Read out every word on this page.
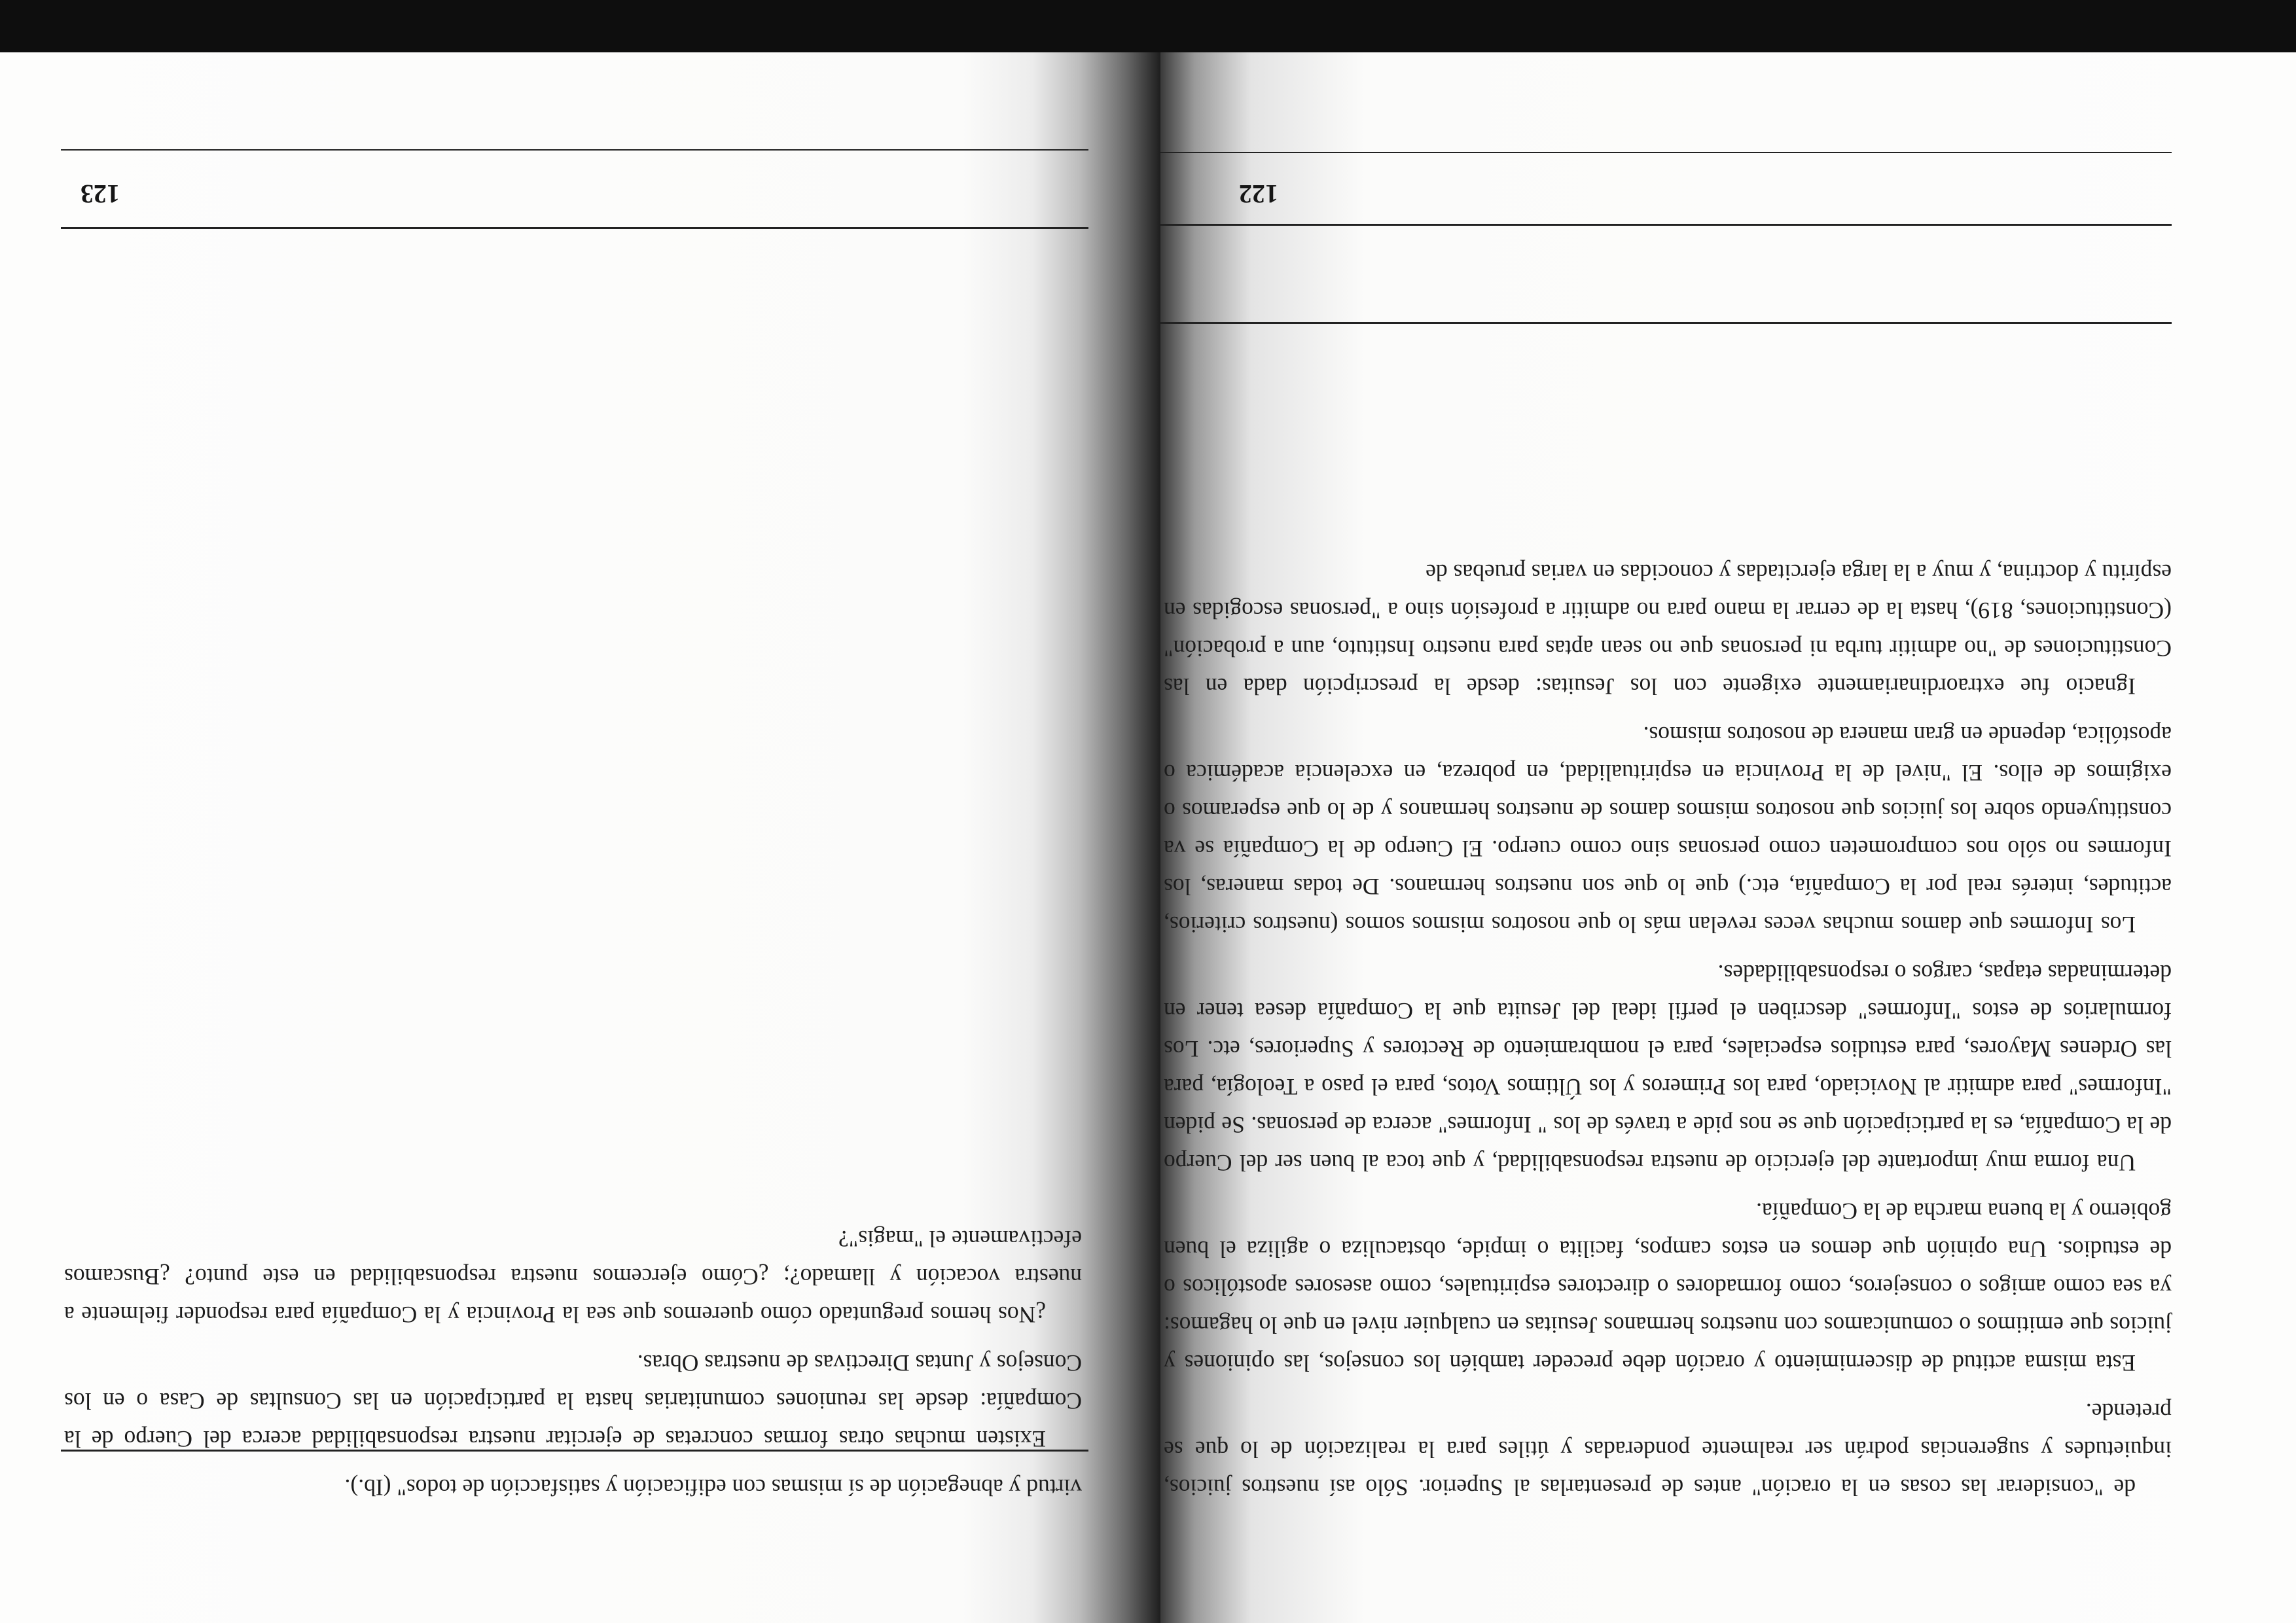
122

de "considerar las cosas en la oración" antes de presentarlas al Superior. Sólo así nuestros juicios, inquietudes y sugerencias podrán ser realmente ponderadas y útiles para la realización de lo que se pretende.

Esta misma actitud de discernimiento y oración debe preceder también los consejos, las opiniones y juicios que emitimos o comunicamos con nuestros hermanos Jesuitas en cualquier nivel en que lo hagamos: ya sea como amigos o consejeros, como formadores o directores espirituales, como asesores apostólicos o de estudios. Una opinión que demos en estos campos, facilita o impide, obstaculiza o agiliza el buen gobierno y la buena marcha de la Compañía.

Una forma muy importante del ejercicio de nuestra responsabilidad, y que toca al buen ser del Cuerpo de la Compañía, es la participación que se nos pide a través de los " Informes" acerca de personas. Se piden "Informes" para admitir al Noviciado, para los Primeros y los Últimos Votos, para el paso a Teología, para las Ordenes Mayores, para estudios especiales, para el nombramiento de Rectores y Superiores, etc. Los formularios de estos "Informes" describen el perfil ideal del Jesuita que la Compañía desea tener en determinadas etapas, cargos o responsabilidades.

Los Informes que damos muchas veces revelan más lo que nosotros mismos somos (nuestros criterios, actitudes, interés real por la Compañía, etc.) que lo que son nuestros hermanos. De todas maneras, los Informes no sólo nos comprometen como personas sino como cuerpo. El Cuerpo de la Compañía se va constituyendo sobre los juicios que nosotros mismos damos de nuestros hermanos y de lo que esperamos o exigimos de ellos. El "nivel de la Provincia en espiritualidad, en pobreza, en excelencia académica o apostólica, depende en gran manera de nosotros mismos.

Ignacio fue extraordinariamente exigente con los Jesuitas: desde la prescripción dada en las Constituciones de "no admitir turba ni personas que no sean aptas para nuestro Instituto, aun a probación" (Constituciones, 819), hasta la de cerrar la mano para no admitir a profesión sino a "personas escogidas en espíritu y doctrina, y muy a la larga ejercitadas y conocidas en varias pruebas de

123

virtud y abnegación de sí mismas con edificación y satisfacción de todos" (Ib.).

Existen muchas otras formas concretas de ejercitar nuestra responsabilidad acerca del Cuerpo de la Compañía: desde las reuniones comunitarias hasta la participación en las Consultas de Casa o en los Consejos y Juntas Directivas de nuestras Obras.

¿Nos hemos preguntado cómo queremos que sea la Provincia y la Compañía para responder fielmente a nuestra vocación y llamado?; ¿Cómo ejercemos nuestra responsabilidad en este punto? ¿Buscamos efectivamente el "magis"?
